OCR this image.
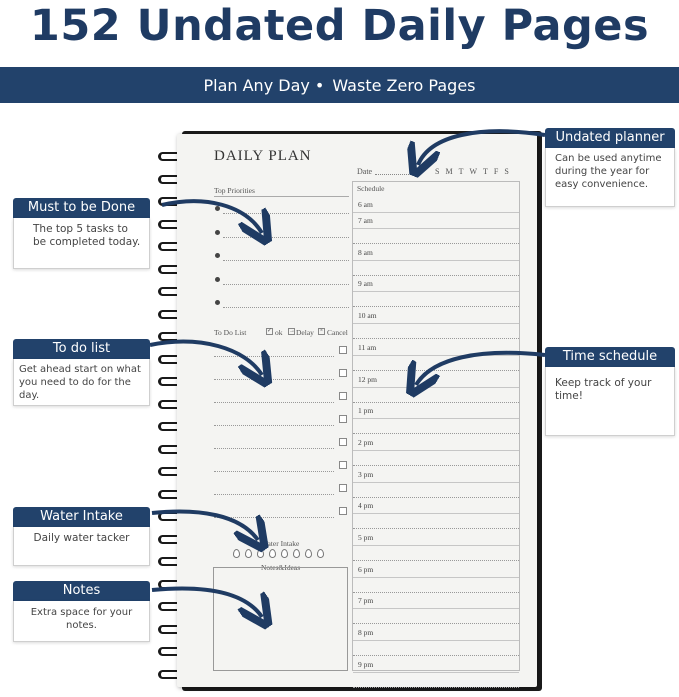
152 Undated Daily Pages
Plan Any Day • Waste Zero Pages
DAILY PLAN
Date	SMTWTFS
Top Priorities
To Do List	✓ ok → Delay × Cancel
Water Intake
Notes&Ideas
Schedule
6 am
7 am
8 am
9 am
10 am
11 am
12 pm
1 pm
2 pm
3 pm
4 pm
5 pm
6 pm
7 pm
8 pm
9 pm
Must to be Done
The top 5 tasks to be completed today.
To do list
Get ahead start on what you need to do for the day.
Water Intake
Daily water tacker
Notes
Extra space for your notes.
Undated planner
Can be used anytime during the year for easy convenience.
Time schedule
Keep track of your time!
